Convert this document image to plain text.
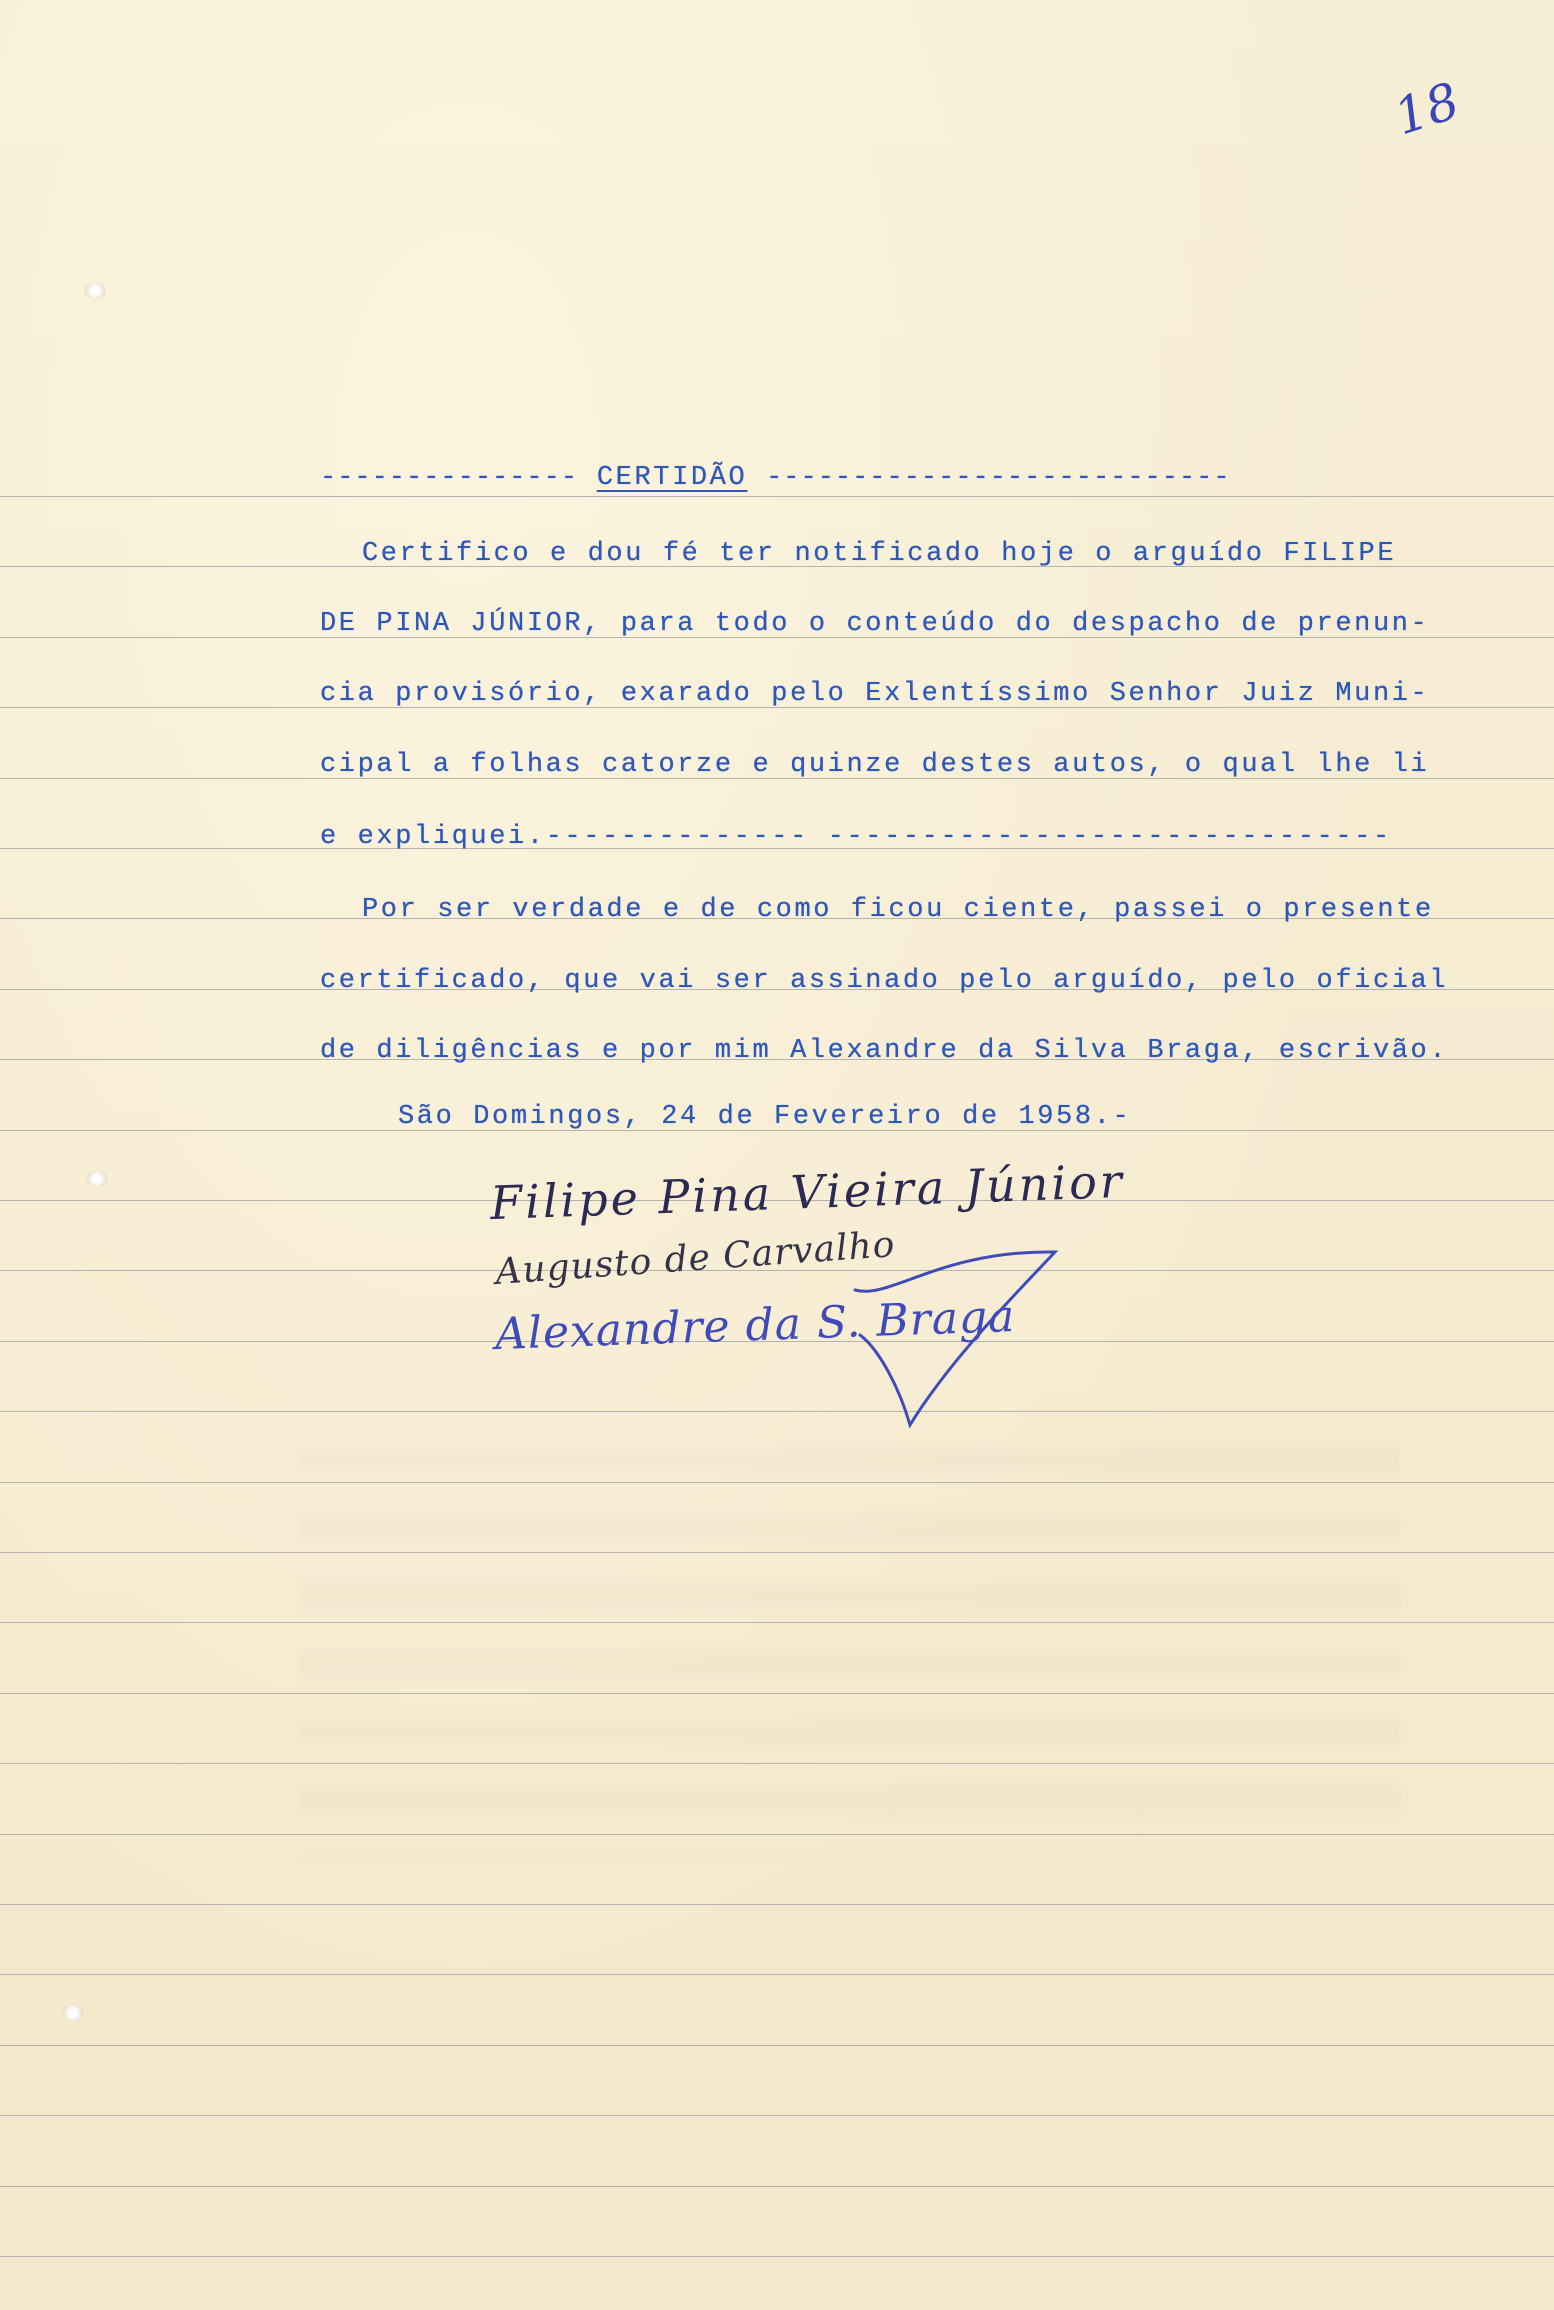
18
--------------- CERTIDÃO ---------------------------
Certifico e dou fé ter notificado hoje o arguído FILIPE
DE PINA JÚNIOR, para todo o conteúdo do despacho de prenun-
cia provisório, exarado pelo Exlentíssimo Senhor Juiz Muni-
cipal a folhas catorze e quinze destes autos, o qual lhe li
e expliquei.-------------- ------------------------------
Por ser verdade e de como ficou ciente, passei o presente
certificado, que vai ser assinado pelo arguído, pelo oficial
de diligências e por mim Alexandre da Silva Braga, escrivão.
São Domingos, 24 de Fevereiro de 1958.-
Filipe Pina Vieira Júnior
Augusto de Carvalho
Alexandre da S. Braga
